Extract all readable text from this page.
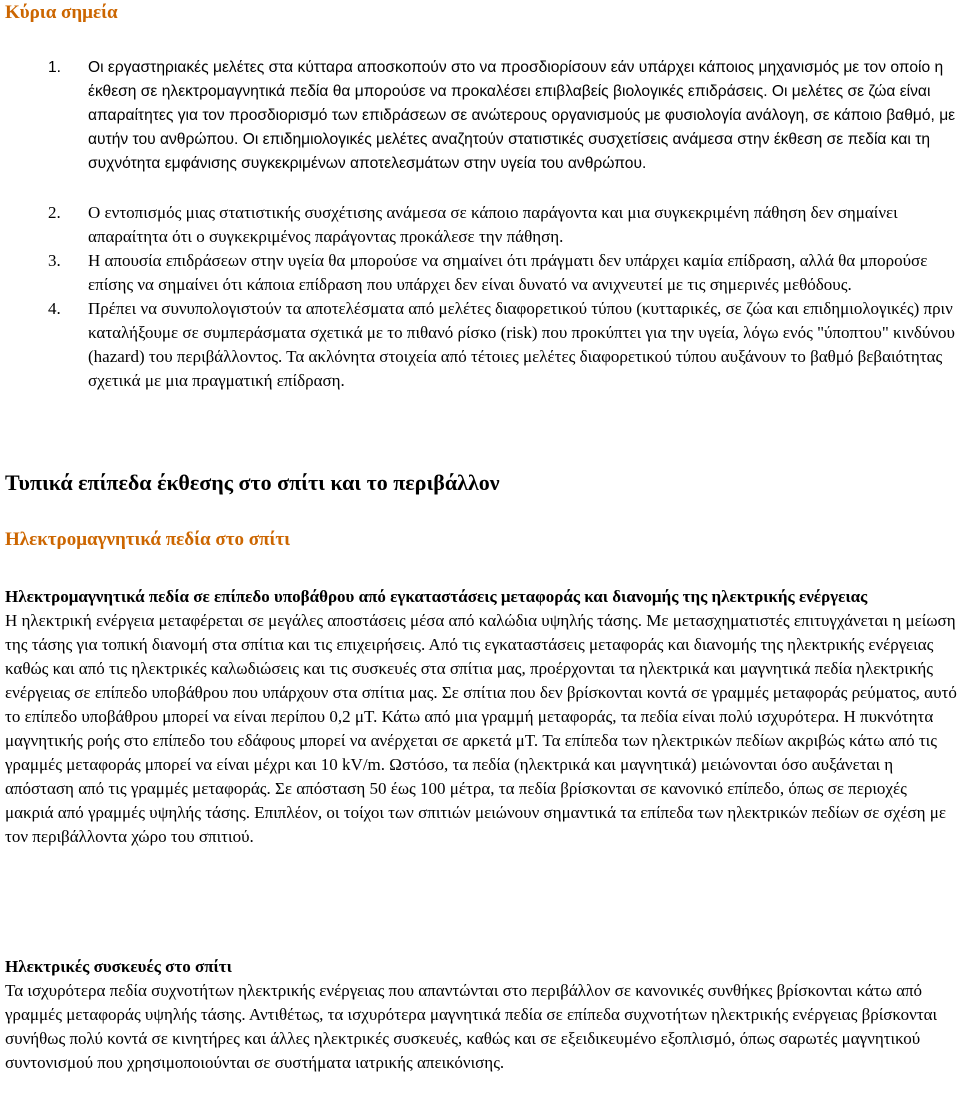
Κύρια σημεία
1. Οι εργαστηριακές μελέτες στα κύτταρα αποσκοπούν στο να προσδιορίσουν εάν υπάρχει κάποιος μηχανισμός με τον οποίο η έκθεση σε ηλεκτρομαγνητικά πεδία θα μπορούσε να προκαλέσει επιβλαβείς βιολογικές επιδράσεις. Οι μελέτες σε ζώα είναι απαραίτητες για τον προσδιορισμό των επιδράσεων σε ανώτερους οργανισμούς με φυσιολογία ανάλογη, σε κάποιο βαθμό, με αυτήν του ανθρώπου. Οι επιδημιολογικές μελέτες αναζητούν στατιστικές συσχετίσεις ανάμεσα στην έκθεση σε πεδία και τη συχνότητα εμφάνισης συγκεκριμένων αποτελεσμάτων στην υγεία του ανθρώπου.
2. Ο εντοπισμός μιας στατιστικής συσχέτισης ανάμεσα σε κάποιο παράγοντα και μια συγκεκριμένη πάθηση δεν σημαίνει απαραίτητα ότι ο συγκεκριμένος παράγοντας προκάλεσε την πάθηση.
3. Η απουσία επιδράσεων στην υγεία θα μπορούσε να σημαίνει ότι πράγματι δεν υπάρχει καμία επίδραση, αλλά θα μπορούσε επίσης να σημαίνει ότι κάποια επίδραση που υπάρχει δεν είναι δυνατό να ανιχνευτεί με τις σημερινές μεθόδους.
4. Πρέπει να συνυπολογιστούν τα αποτελέσματα από μελέτες διαφορετικού τύπου (κυτταρικές, σε ζώα και επιδημιολογικές) πριν καταλήξουμε σε συμπεράσματα σχετικά με το πιθανό ρίσκο (risk) που προκύπτει για την υγεία, λόγω ενός "ύποπτου" κινδύνου (hazard) του περιβάλλοντος. Τα ακλόνητα στοιχεία από τέτοιες μελέτες διαφορετικού τύπου αυξάνουν το βαθμό βεβαιότητας σχετικά με μια πραγματική επίδραση.
Τυπικά επίπεδα έκθεσης στο σπίτι και το περιβάλλον
Ηλεκτρομαγνητικά πεδία στο σπίτι
Ηλεκτρομαγνητικά πεδία σε επίπεδο υποβάθρου από εγκαταστάσεις μεταφοράς και διανομής της ηλεκτρικής ενέργειας
Η ηλεκτρική ενέργεια μεταφέρεται σε μεγάλες αποστάσεις μέσα από καλώδια υψηλής τάσης. Με μετασχηματιστές επιτυγχάνεται η μείωση της τάσης για τοπική διανομή στα σπίτια και τις επιχειρήσεις. Από τις εγκαταστάσεις μεταφοράς και διανομής της ηλεκτρικής ενέργειας καθώς και από τις ηλεκτρικές καλωδιώσεις και τις συσκευές στα σπίτια μας, προέρχονται τα ηλεκτρικά και μαγνητικά πεδία ηλεκτρικής ενέργειας σε επίπεδο υποβάθρου που υπάρχουν στα σπίτια μας. Σε σπίτια που δεν βρίσκονται κοντά σε γραμμές μεταφοράς ρεύματος, αυτό το επίπεδο υποβάθρου μπορεί να είναι περίπου 0,2 μT. Κάτω από μια γραμμή μεταφοράς, τα πεδία είναι πολύ ισχυρότερα. Η πυκνότητα μαγνητικής ροής στο επίπεδο του εδάφους μπορεί να ανέρχεται σε αρκετά μT. Τα επίπεδα των ηλεκτρικών πεδίων ακριβώς κάτω από τις γραμμές μεταφοράς μπορεί να είναι μέχρι και 10 kV/m. Ωστόσο, τα πεδία (ηλεκτρικά και μαγνητικά) μειώνονται όσο αυξάνεται η απόσταση από τις γραμμές μεταφοράς. Σε απόσταση 50 έως 100 μέτρα, τα πεδία βρίσκονται σε κανονικό επίπεδο, όπως σε περιοχές μακριά από γραμμές υψηλής τάσης. Επιπλέον, οι τοίχοι των σπιτιών μειώνουν σημαντικά τα επίπεδα των ηλεκτρικών πεδίων σε σχέση με τον περιβάλλοντα χώρο του σπιτιού.
Ηλεκτρικές συσκευές στο σπίτι
Τα ισχυρότερα πεδία συχνοτήτων ηλεκτρικής ενέργειας που απαντώνται στο περιβάλλον σε κανονικές συνθήκες βρίσκονται κάτω από γραμμές μεταφοράς υψηλής τάσης. Αντιθέτως, τα ισχυρότερα μαγνητικά πεδία σε επίπεδα συχνοτήτων ηλεκτρικής ενέργειας βρίσκονται συνήθως πολύ κοντά σε κινητήρες και άλλες ηλεκτρικές συσκευές, καθώς και σε εξειδικευμένο εξοπλισμό, όπως σαρωτές μαγνητικού συντονισμού που χρησιμοποιούνται σε συστήματα ιατρικής απεικόνισης.
